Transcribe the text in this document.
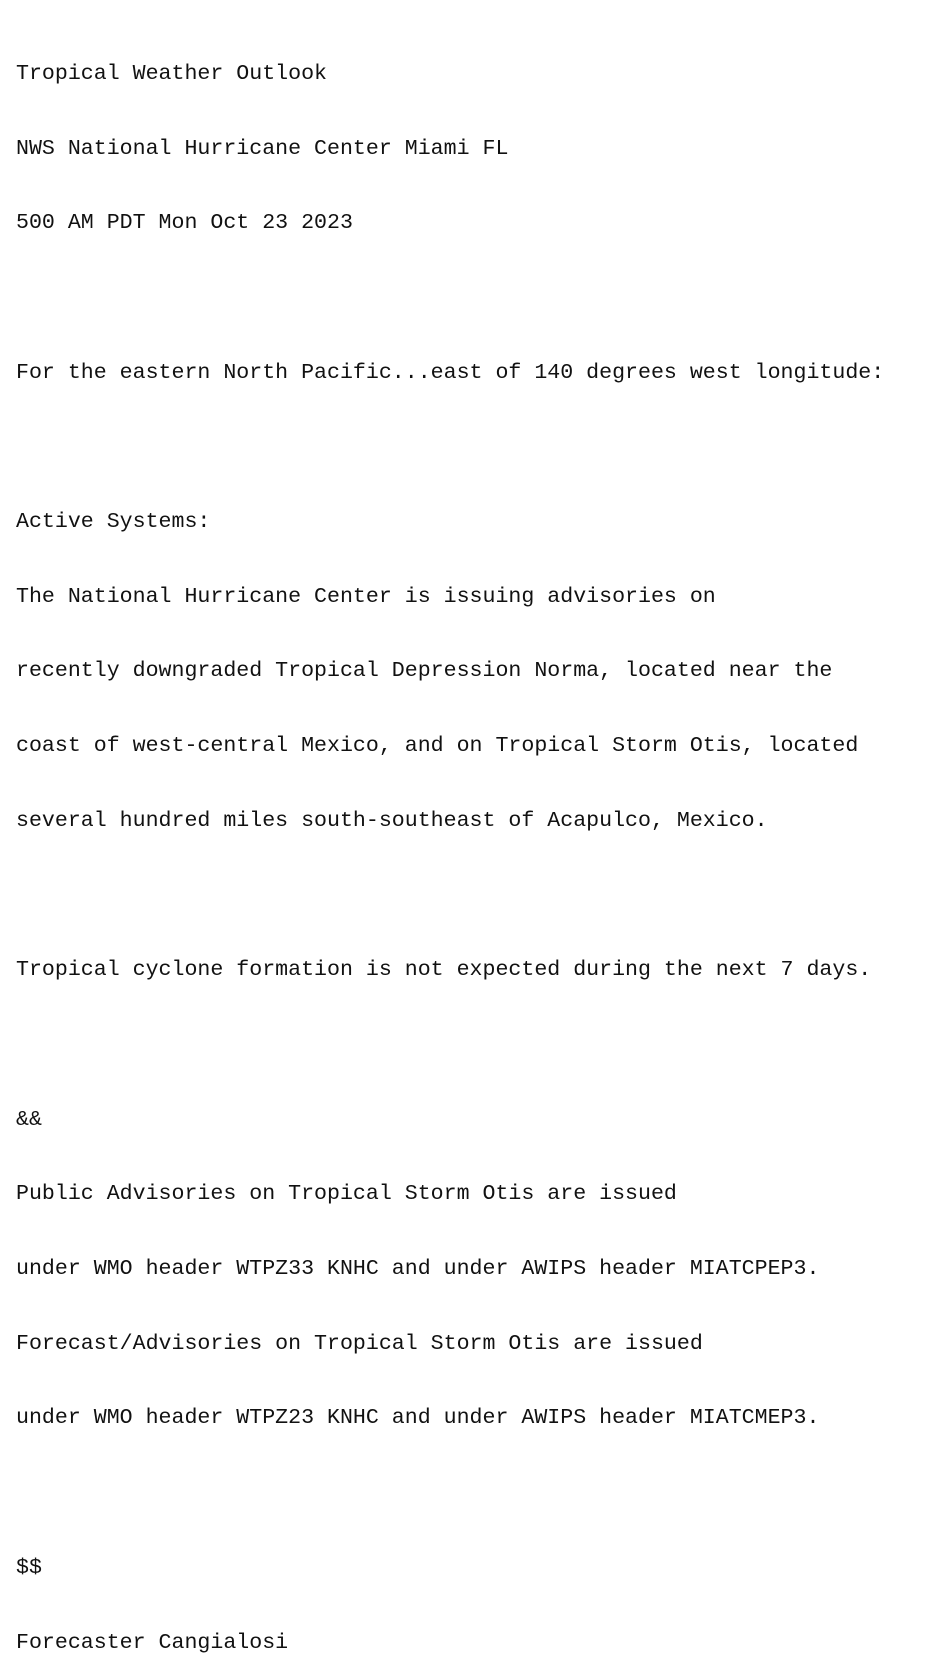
Tropical Weather Outlook

NWS National Hurricane Center Miami FL

500 AM PDT Mon Oct 23 2023

For the eastern North Pacific...east of 140 degrees west longitude:

Active Systems:

The National Hurricane Center is issuing advisories on

recently downgraded Tropical Depression Norma, located near the

coast of west-central Mexico, and on Tropical Storm Otis, located

several hundred miles south-southeast of Acapulco, Mexico.

Tropical cyclone formation is not expected during the next 7 days.

&&

Public Advisories on Tropical Storm Otis are issued

under WMO header WTPZ33 KNHC and under AWIPS header MIATCPEP3.

Forecast/Advisories on Tropical Storm Otis are issued

under WMO header WTPZ23 KNHC and under AWIPS header MIATCMEP3.

$$

Forecaster Cangialosi
